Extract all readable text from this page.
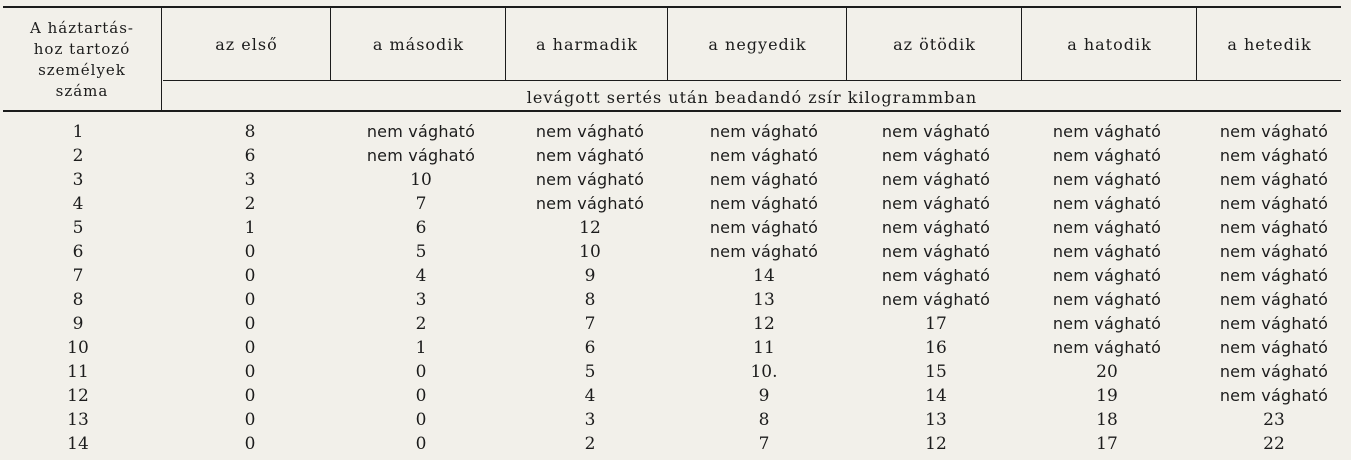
A háztartás-
hoz tartozó
személyek
száma
az első	a második	a harmadik	a negyedik	az ötödik	a hatodik	a hetedik
levágott sertés után beadandó zsír kilogrammban
1	8	nem vágható	nem vágható	nem vágható	nem vágható	nem vágható	nem vágható
2	6	nem vágható	nem vágható	nem vágható	nem vágható	nem vágható	nem vágható
3	3	10	nem vágható	nem vágható	nem vágható	nem vágható	nem vágható
4	2	7	nem vágható	nem vágható	nem vágható	nem vágható	nem vágható
5	1	6	12	nem vágható	nem vágható	nem vágható	nem vágható
6	0	5	10	nem vágható	nem vágható	nem vágható	nem vágható
7	0	4	9	14	nem vágható	nem vágható	nem vágható
8	0	3	8	13	nem vágható	nem vágható	nem vágható
9	0	2	7	12	17	nem vágható	nem vágható
10	0	1	6	11	16	nem vágható	nem vágható
11	0	0	5	10.	15	20	nem vágható
12	0	0	4	9	14	19	nem vágható
13	0	0	3	8	13	18	23
14	0	0	2	7	12	17	22
